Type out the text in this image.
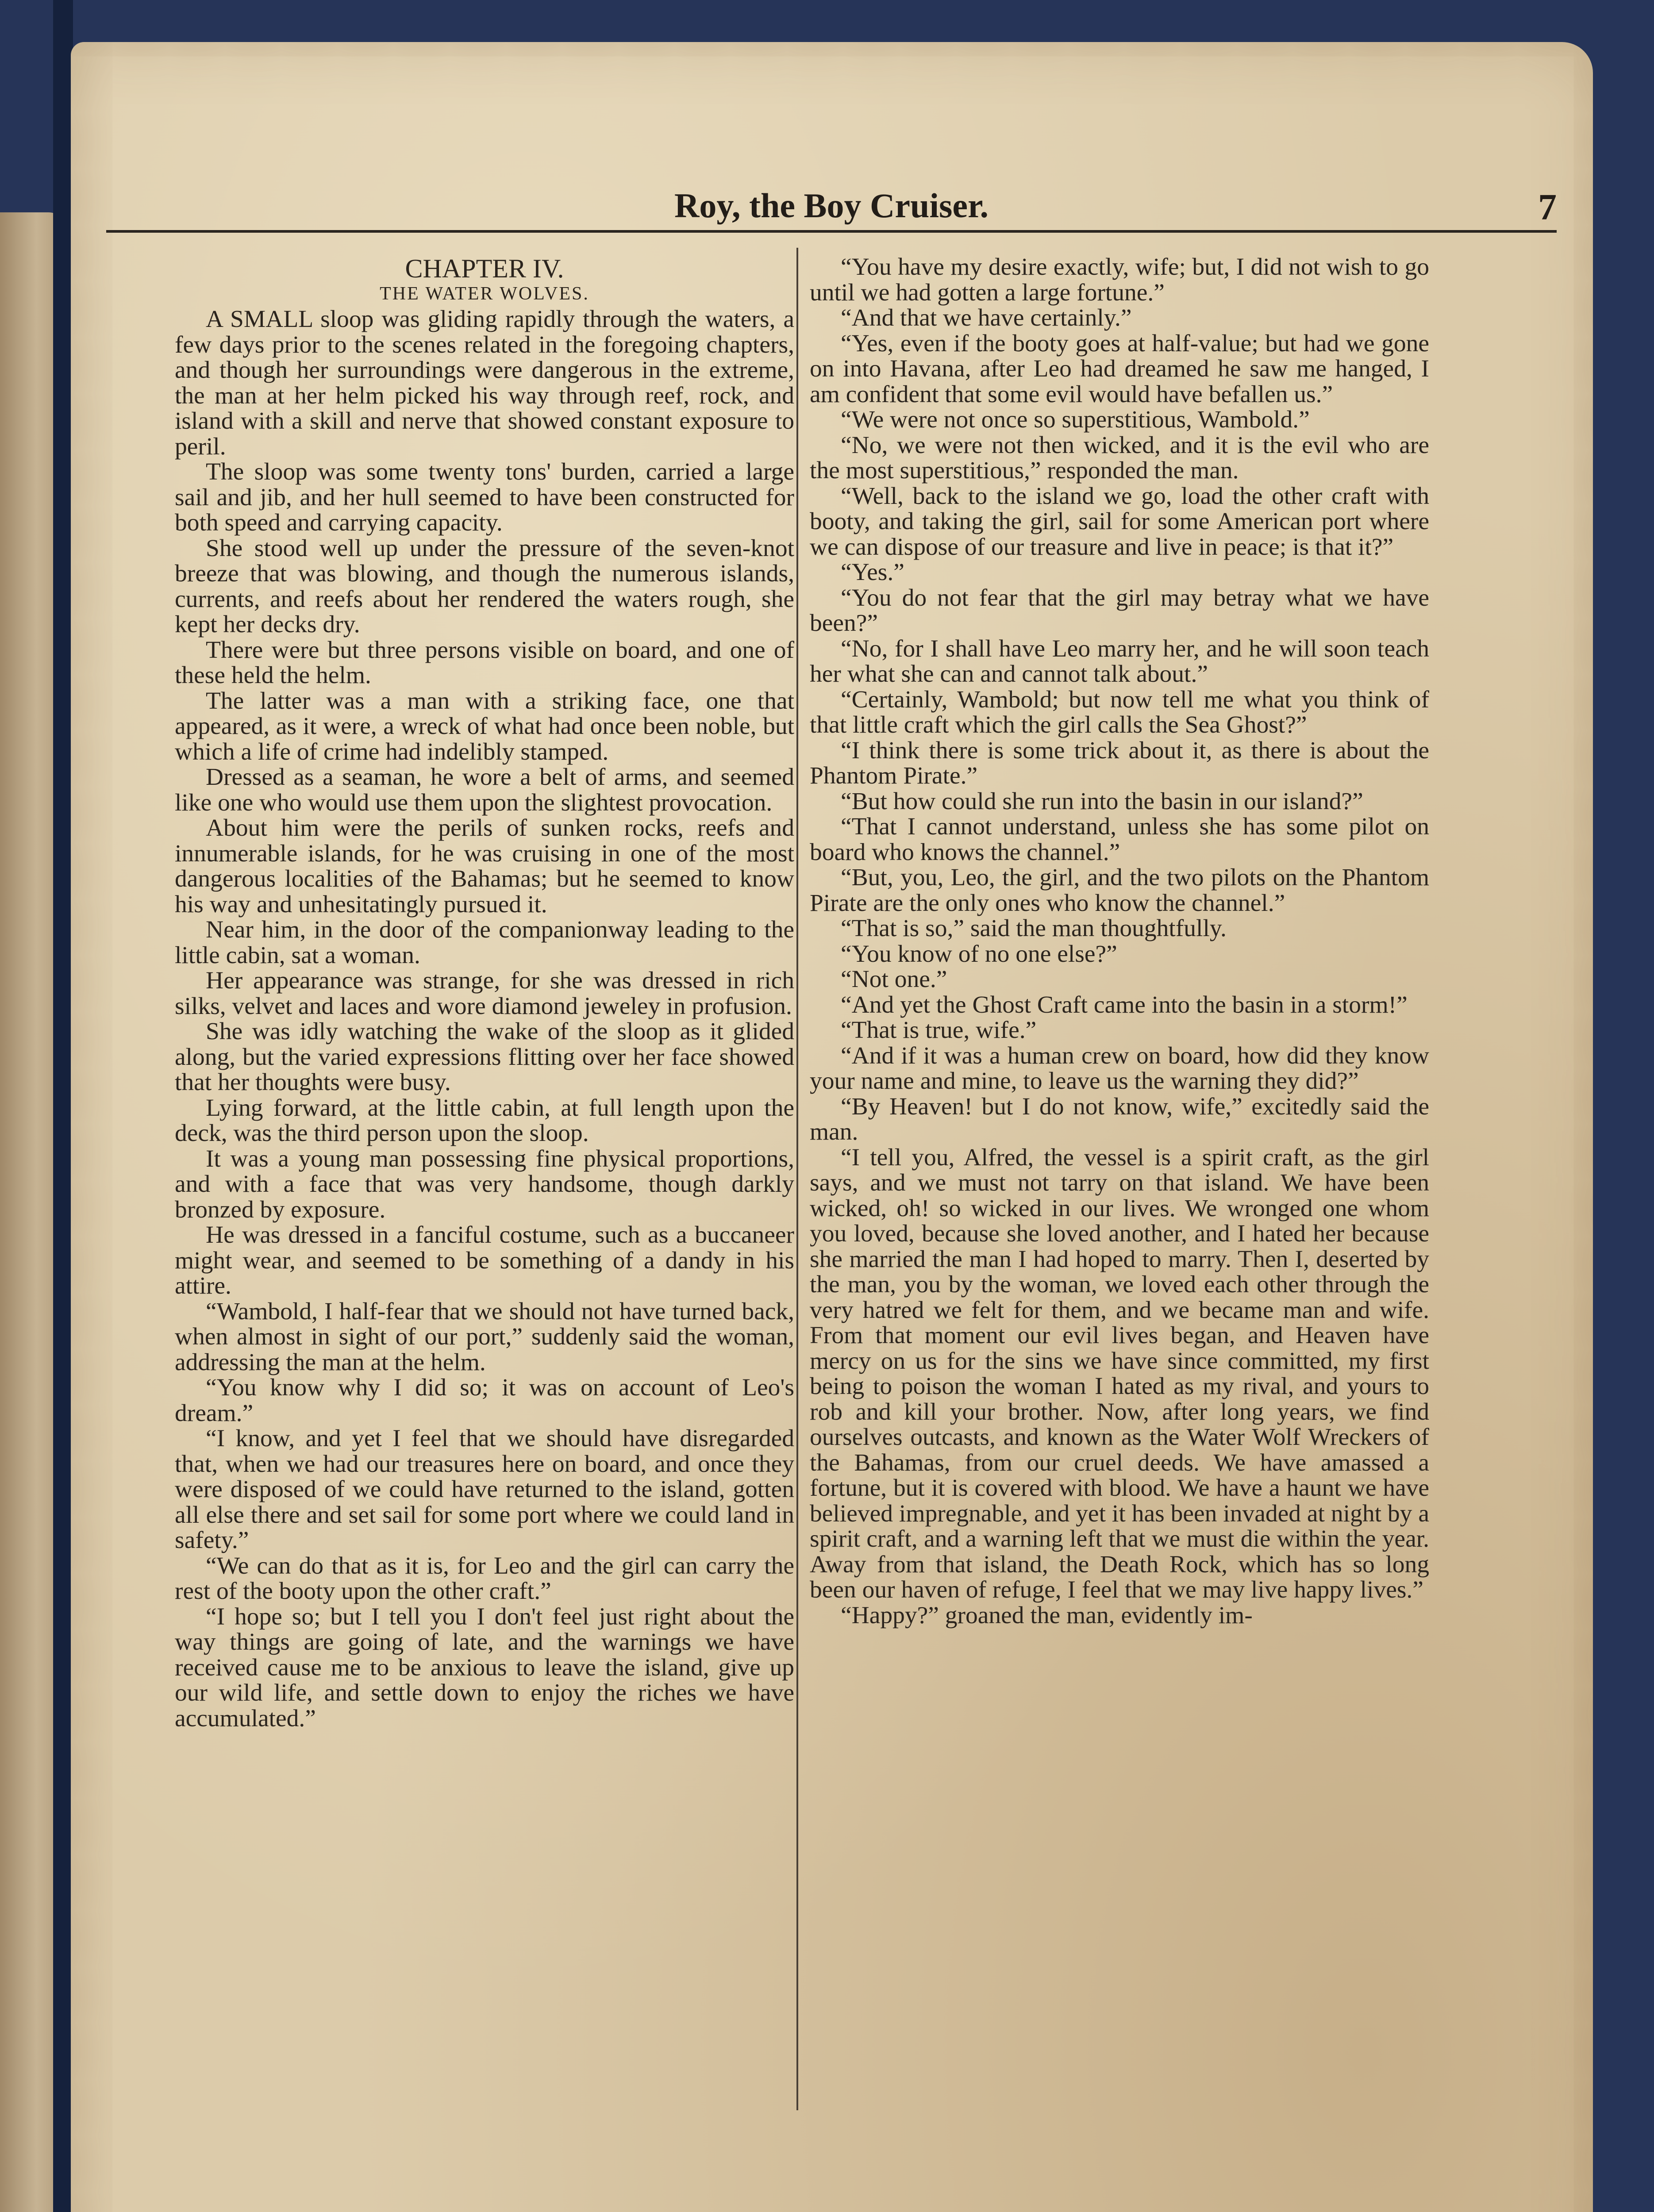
Roy, the Boy Cruiser.	7
CHAPTER IV.
THE WATER WOLVES.

A SMALL sloop was gliding rapidly through the waters, a few days prior to the scenes related in the foregoing chapters, and though her surroundings were dangerous in the extreme, the man at her helm picked his way through reef, rock, and island with a skill and nerve that showed constant exposure to peril.

The sloop was some twenty tons' burden, carried a large sail and jib, and her hull seemed to have been constructed for both speed and carrying capacity.

She stood well up under the pressure of the seven-knot breeze that was blowing, and though the numerous islands, currents, and reefs about her rendered the waters rough, she kept her decks dry.

There were but three persons visible on board, and one of these held the helm.

The latter was a man with a striking face, one that appeared, as it were, a wreck of what had once been noble, but which a life of crime had indelibly stamped.

Dressed as a seaman, he wore a belt of arms, and seemed like one who would use them upon the slightest provocation.

About him were the perils of sunken rocks, reefs and innumerable islands, for he was cruising in one of the most dangerous localities of the Bahamas; but he seemed to know his way and unhesitatingly pursued it.

Near him, in the door of the companionway leading to the little cabin, sat a woman.

Her appearance was strange, for she was dressed in rich silks, velvet and laces and wore diamond jeweley in profusion.

She was idly watching the wake of the sloop as it glided along, but the varied expressions flitting over her face showed that her thoughts were busy.

Lying forward, at the little cabin, at full length upon the deck, was the third person upon the sloop.

It was a young man possessing fine physical proportions, and with a face that was very handsome, though darkly bronzed by exposure.

He was dressed in a fanciful costume, such as a buccaneer might wear, and seemed to be something of a dandy in his attire.

“Wambold, I half-fear that we should not have turned back, when almost in sight of our port,” suddenly said the woman, addressing the man at the helm.

“You know why I did so; it was on account of Leo's dream.”

“I know, and yet I feel that we should have disregarded that, when we had our treasures here on board, and once they were disposed of we could have returned to the island, gotten all else there and set sail for some port where we could land in safety.”

“We can do that as it is, for Leo and the girl can carry the rest of the booty upon the other craft.”

“I hope so; but I tell you I don't feel just right about the way things are going of late, and the warnings we have received cause me to be anxious to leave the island, give up our wild life, and settle down to enjoy the riches we have accumulated.”

“You have my desire exactly, wife; but, I did not wish to go until we had gotten a large fortune.”

“And that we have certainly.”

“Yes, even if the booty goes at half-value; but had we gone on into Havana, after Leo had dreamed he saw me hanged, I am confident that some evil would have befallen us.”

“We were not once so superstitious, Wambold.”

“No, we were not then wicked, and it is the evil who are the most superstitious,” responded the man.

“Well, back to the island we go, load the other craft with booty, and taking the girl, sail for some American port where we can dispose of our treasure and live in peace; is that it?”

“Yes.”

“You do not fear that the girl may betray what we have been?”

“No, for I shall have Leo marry her, and he will soon teach her what she can and cannot talk about.”

“Certainly, Wambold; but now tell me what you think of that little craft which the girl calls the Sea Ghost?”

“I think there is some trick about it, as there is about the Phantom Pirate.”

“But how could she run into the basin in our island?”

“That I cannot understand, unless she has some pilot on board who knows the channel.”

“But, you, Leo, the girl, and the two pilots on the Phantom Pirate are the only ones who know the channel.”

“That is so,” said the man thoughtfully.

“You know of no one else?”

“Not one.”

“And yet the Ghost Craft came into the basin in a storm!”

“That is true, wife.”

“And if it was a human crew on board, how did they know your name and mine, to leave us the warning they did?”

“By Heaven! but I do not know, wife,” excitedly said the man.

“I tell you, Alfred, the vessel is a spirit craft, as the girl says, and we must not tarry on that island. We have been wicked, oh! so wicked in our lives. We wronged one whom you loved, because she loved another, and I hated her because she married the man I had hoped to marry. Then I, deserted by the man, you by the woman, we loved each other through the very hatred we felt for them, and we became man and wife. From that moment our evil lives began, and Heaven have mercy on us for the sins we have since committed, my first being to poison the woman I hated as my rival, and yours to rob and kill your brother. Now, after long years, we find ourselves outcasts, and known as the Water Wolf Wreckers of the Bahamas, from our cruel deeds. We have amassed a fortune, but it is covered with blood. We have a haunt we have believed impregnable, and yet it has been invaded at night by a spirit craft, and a warning left that we must die within the year. Away from that island, the Death Rock, which has so long been our haven of refuge, I feel that we may live happy lives.”

“Happy?” groaned the man, evidently im-
